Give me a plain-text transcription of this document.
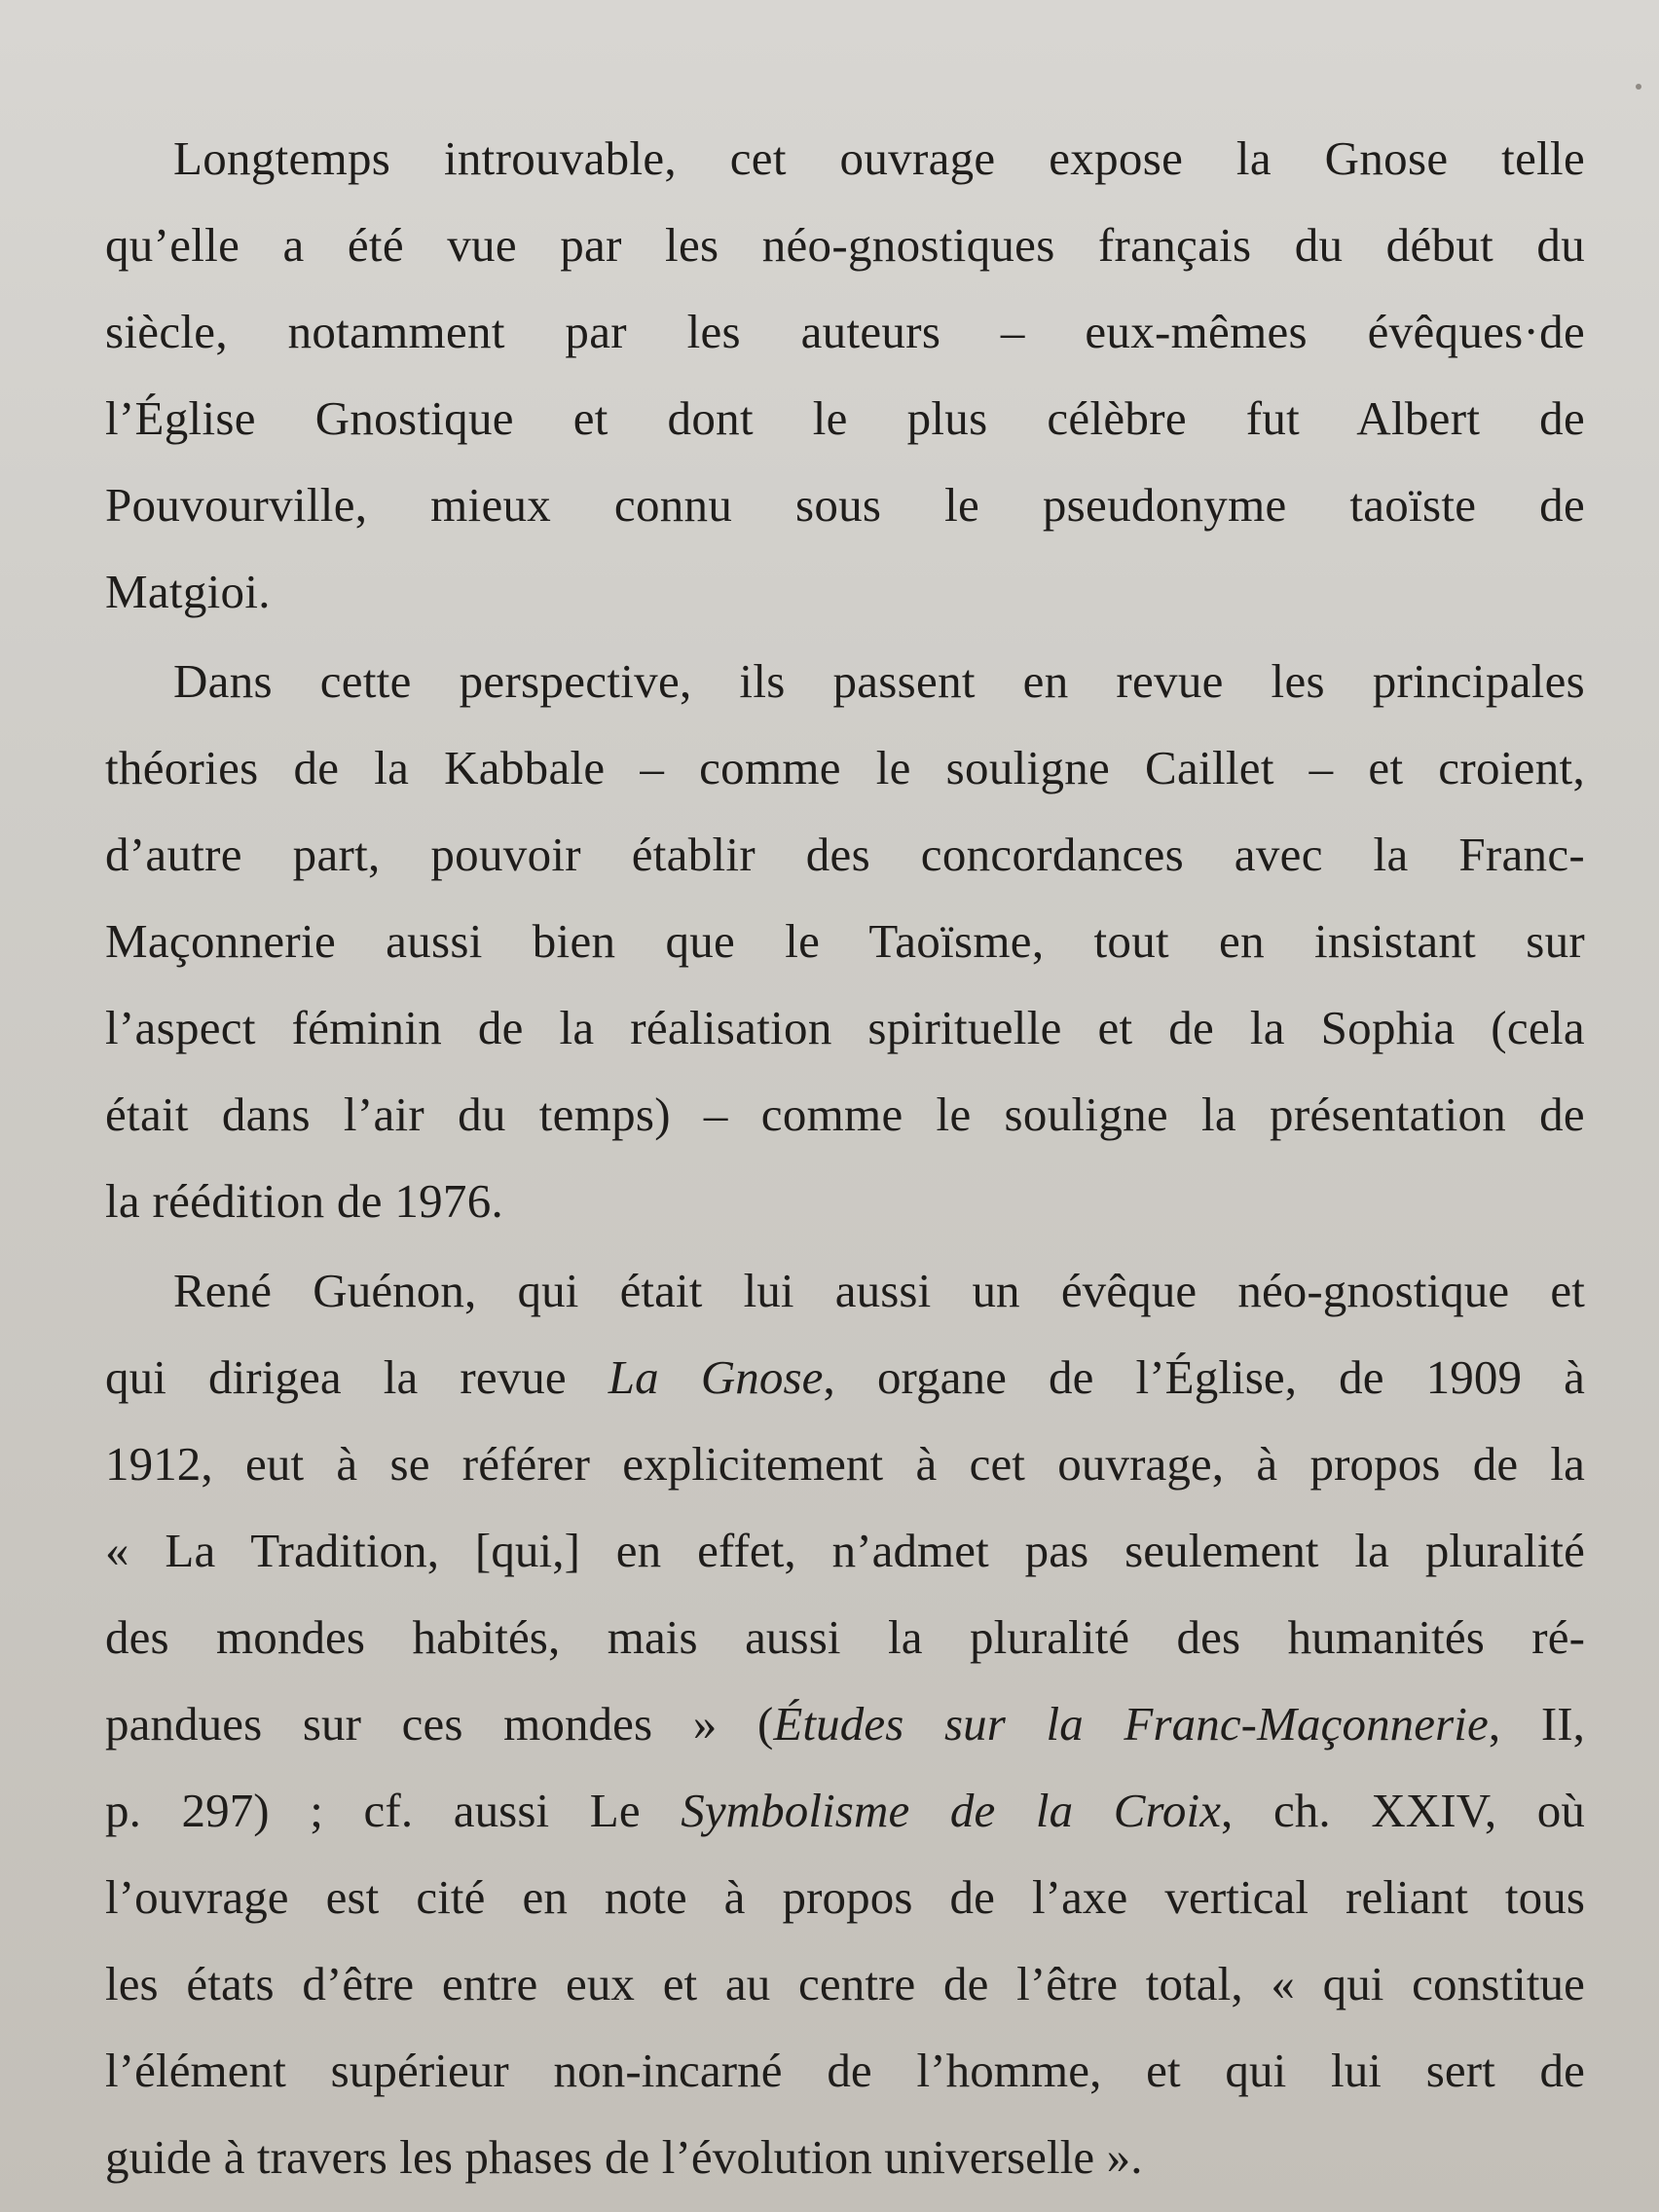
Longtemps introuvable, cet ouvrage expose la Gnose telle
qu’elle a été vue par les néo-gnostiques français du début du
siècle, notamment par les auteurs – eux-mêmes évêques·de
l’Église Gnostique et dont le plus célèbre fut Albert de
Pouvourville, mieux connu sous le pseudonyme taoïste de
Matgioi.

Dans cette perspective, ils passent en revue les principales
théories de la Kabbale – comme le souligne Caillet – et croient,
d’autre part, pouvoir établir des concordances avec la Franc-
Maçonnerie aussi bien que le Taoïsme, tout en insistant sur
l’aspect féminin de la réalisation spirituelle et de la Sophia (cela
était dans l’air du temps) – comme le souligne la présentation de
la réédition de 1976.

René Guénon, qui était lui aussi un évêque néo-gnostique et
qui dirigea la revue La Gnose, organe de l’Église, de 1909 à
1912, eut à se référer explicitement à cet ouvrage, à propos de la
« La Tradition, [qui,] en effet, n’admet pas seulement la pluralité
des mondes habités, mais aussi la pluralité des humanités ré-
pandues sur ces mondes » (Études sur la Franc-Maçonnerie, II,
p. 297) ; cf. aussi Le Symbolisme de la Croix, ch. XXIV, où
l’ouvrage est cité en note à propos de l’axe vertical reliant tous
les états d’être entre eux et au centre de l’être total, « qui constitue
l’élément supérieur non-incarné de l’homme, et qui lui sert de
guide à travers les phases de l’évolution universelle ».
